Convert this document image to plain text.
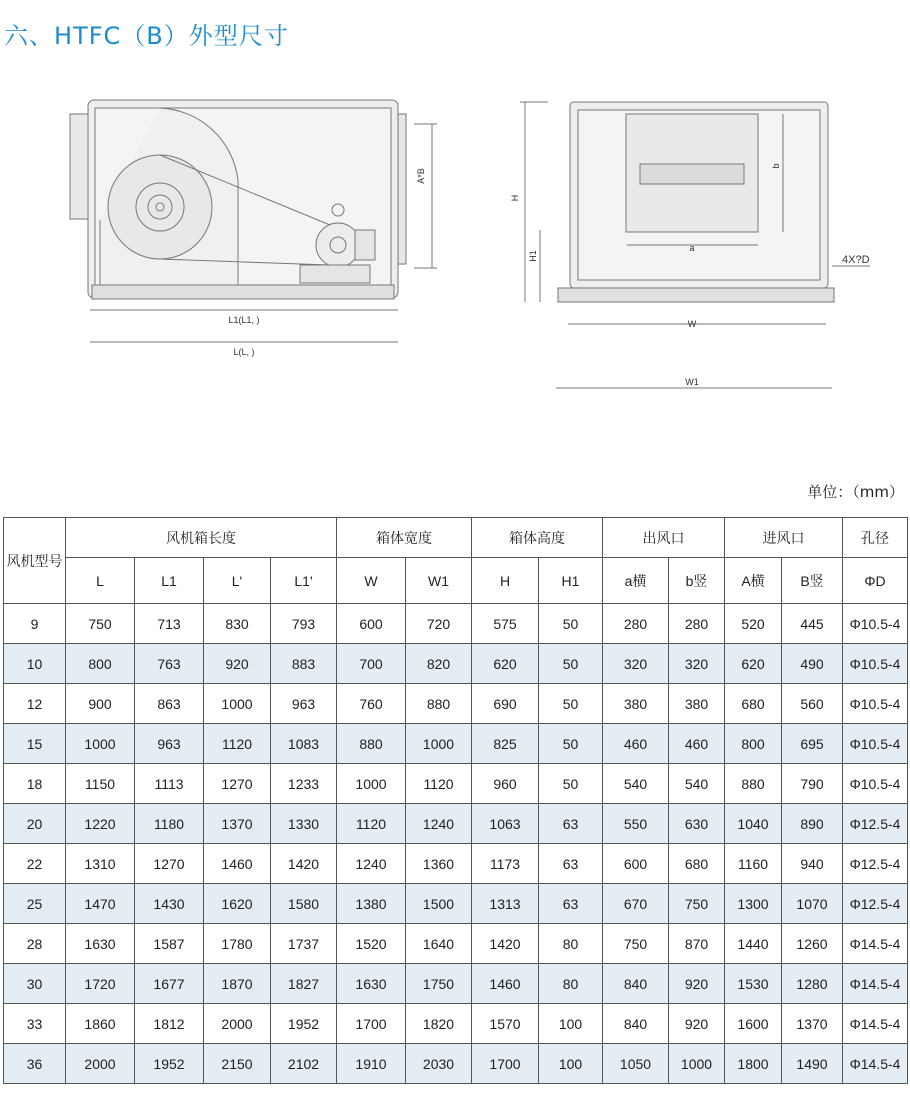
六、HTFC（B）外型尺寸
L1(L1, )
L(L, )
A*B
H
H1
a
b
W
W1
4X?D
单位：（mm）
风机型号	风机箱长度				箱体宽度		箱体高度		出风口		进风口		孔径
	L	L1	L'	L1'	W	W1	H	H1	a横	b竖	A横	B竖	ΦD
9	750	713	830	793	600	720	575	50	280	280	520	445	Φ10.5-4
10	800	763	920	883	700	820	620	50	320	320	620	490	Φ10.5-4
12	900	863	1000	963	760	880	690	50	380	380	680	560	Φ10.5-4
15	1000	963	1120	1083	880	1000	825	50	460	460	800	695	Φ10.5-4
18	1150	1113	1270	1233	1000	1120	960	50	540	540	880	790	Φ10.5-4
20	1220	1180	1370	1330	1120	1240	1063	63	550	630	1040	890	Φ12.5-4
22	1310	1270	1460	1420	1240	1360	1173	63	600	680	1160	940	Φ12.5-4
25	1470	1430	1620	1580	1380	1500	1313	63	670	750	1300	1070	Φ12.5-4
28	1630	1587	1780	1737	1520	1640	1420	80	750	870	1440	1260	Φ14.5-4
30	1720	1677	1870	1827	1630	1750	1460	80	840	920	1530	1280	Φ14.5-4
33	1860	1812	2000	1952	1700	1820	1570	100	840	920	1600	1370	Φ14.5-4
36	2000	1952	2150	2102	1910	2030	1700	100	1050	1000	1800	1490	Φ14.5-4
